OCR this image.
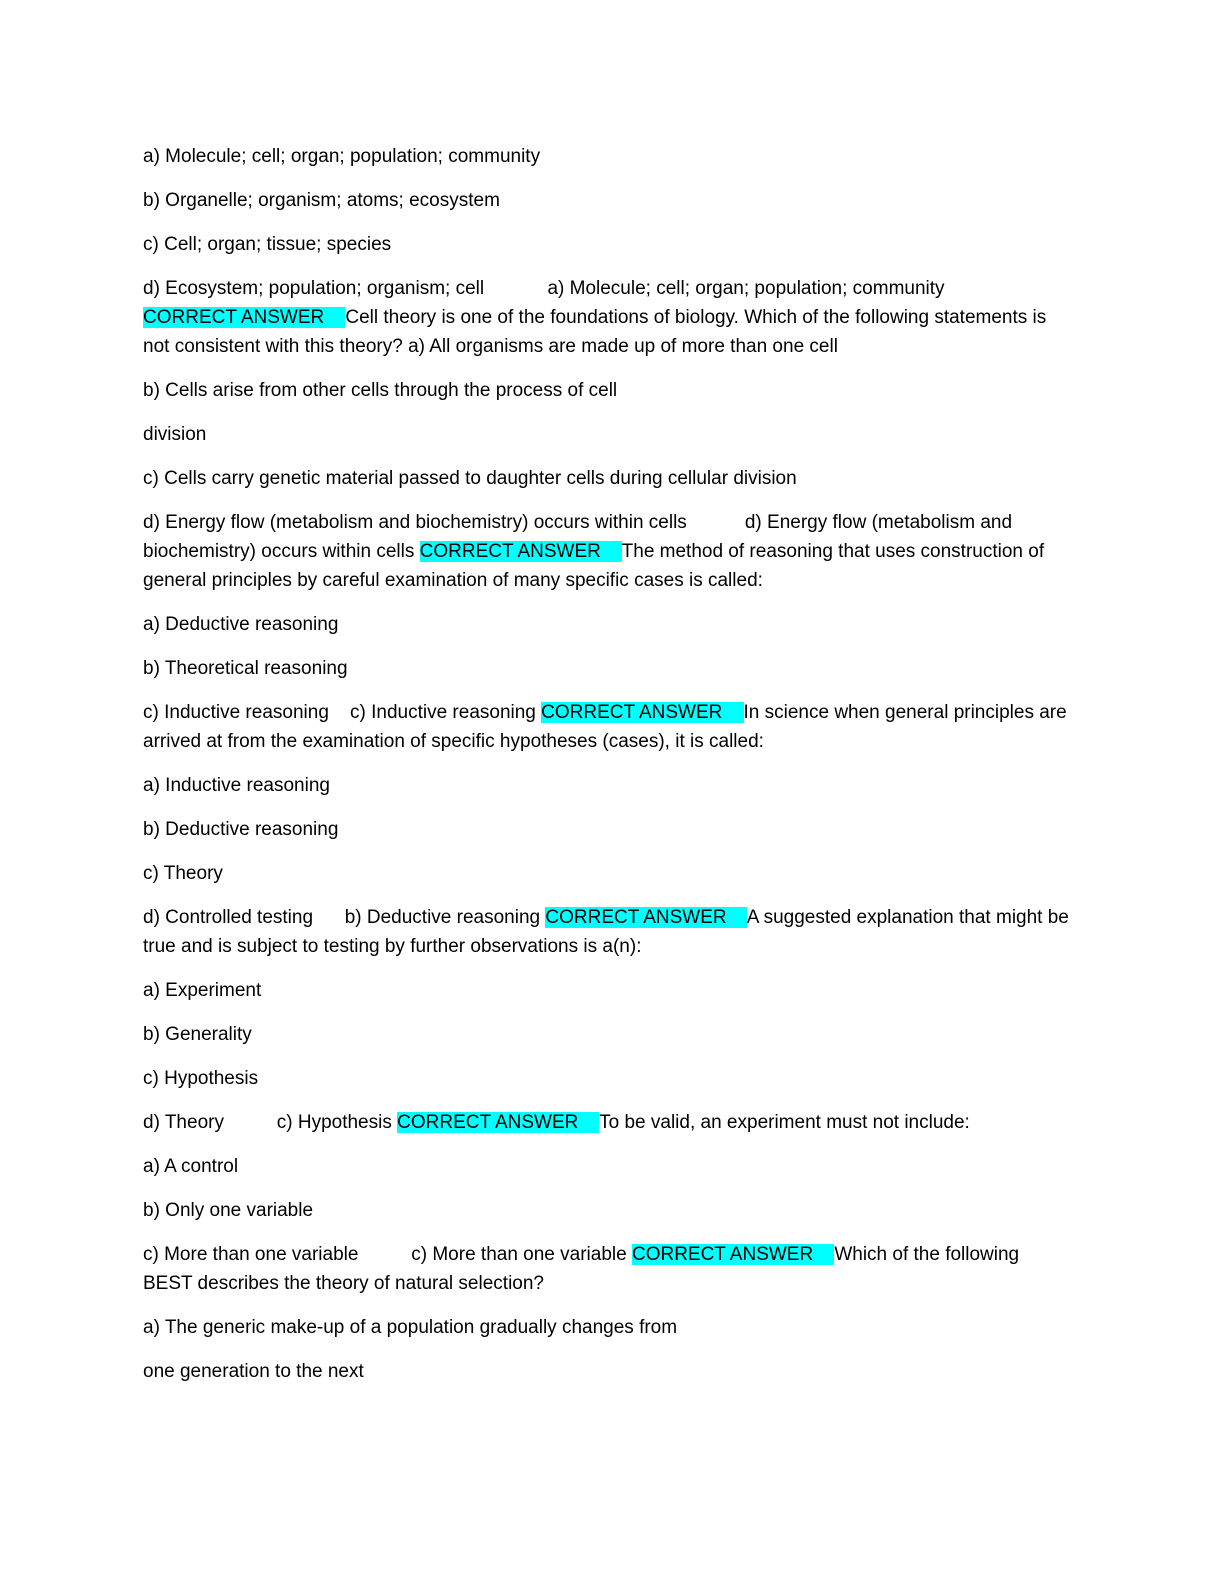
a) Molecule; cell; organ; population; community

b) Organelle; organism; atoms; ecosystem

c) Cell; organ; tissue; species

d) Ecosystem; population; organism; cell            a) Molecule; cell; organ; population; community CORRECT ANSWER    Cell theory is one of the foundations of biology. Which of the following statements is not consistent with this theory? a) All organisms are made up of more than one cell

b) Cells arise from other cells through the process of cell

division

c) Cells carry genetic material passed to daughter cells during cellular division

d) Energy flow (metabolism and biochemistry) occurs within cells           d) Energy flow (metabolism and biochemistry) occurs within cells CORRECT ANSWER    The method of reasoning that uses construction of general principles by careful examination of many specific cases is called:

a) Deductive reasoning

b) Theoretical reasoning

c) Inductive reasoning    c) Inductive reasoning CORRECT ANSWER    In science when general principles are arrived at from the examination of specific hypotheses (cases), it is called:

a) Inductive reasoning

b) Deductive reasoning

c) Theory

d) Controlled testing      b) Deductive reasoning CORRECT ANSWER    A suggested explanation that might be true and is subject to testing by further observations is a(n):

a) Experiment

b) Generality

c) Hypothesis

d) Theory          c) Hypothesis CORRECT ANSWER    To be valid, an experiment must not include:

a) A control

b) Only one variable

c) More than one variable          c) More than one variable CORRECT ANSWER    Which of the following BEST describes the theory of natural selection?

a) The generic make-up of a population gradually changes from

one generation to the next
